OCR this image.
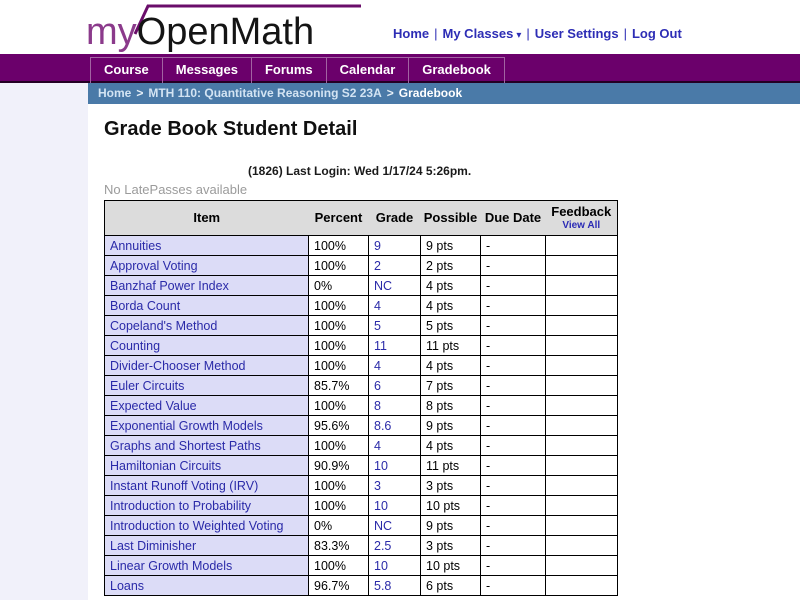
myOpenMath	Home | My Classes ▾ | User Settings | Log Out
Course Messages Forums Calendar Gradebook
Home > MTH 110: Quantitative Reasoning S2 23A > Gradebook
Grade Book Student Detail
(1826) Last Login: Wed 1/17/24 5:26pm.
No LatePasses available
Item	Percent	Grade	Possible	Due Date	Feedback
View All

Annuities	100%	9	9 pts	-	
Approval Voting	100%	2	2 pts	-	
Banzhaf Power Index	0%	NC	4 pts	-	
Borda Count	100%	4	4 pts	-	
Copeland's Method	100%	5	5 pts	-	
Counting	100%	11	11 pts	-	
Divider-Chooser Method	100%	4	4 pts	-	
Euler Circuits	85.7%	6	7 pts	-	
Expected Value	100%	8	8 pts	-	
Exponential Growth Models	95.6%	8.6	9 pts	-	
Graphs and Shortest Paths	100%	4	4 pts	-	
Hamiltonian Circuits	90.9%	10	11 pts	-	
Instant Runoff Voting (IRV)	100%	3	3 pts	-	
Introduction to Probability	100%	10	10 pts	-	
Introduction to Weighted Voting	0%	NC	9 pts	-	
Last Diminisher	83.3%	2.5	3 pts	-	
Linear Growth Models	100%	10	10 pts	-	
Loans	96.7%	5.8	6 pts	-	
